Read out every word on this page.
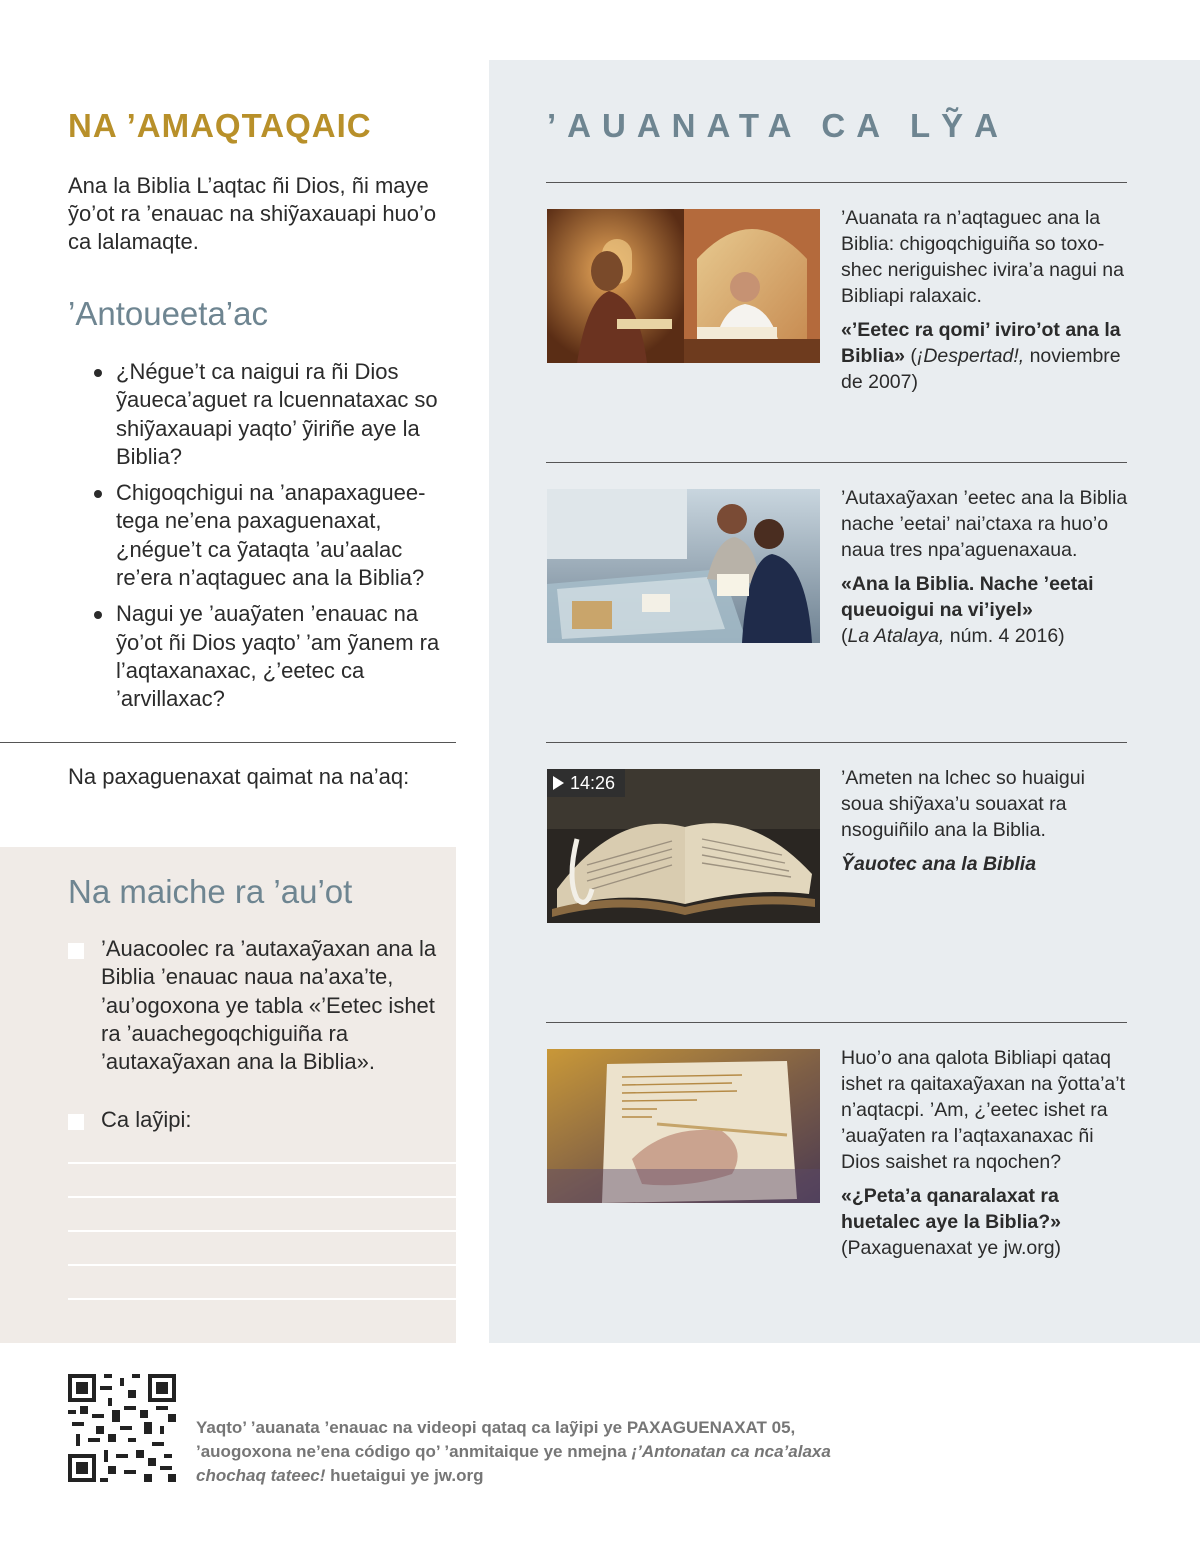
NA ’AMAQTAQAIC

Ana la Biblia L’aqtac ñi Dios, ñi maye ỹo’ot ra ’enauac na shiỹaxauapi huo’o ca lalamaqte.

’Antoueeta’ac
¿Négue’t ca naigui ra ñi Dios ỹaueca’aguet ra lcuennataxac so shiỹaxauapi yaqto’ ỹiriñe aye la Biblia?
Chigoqchigui na ’anapaxagueetega ne’ena paxaguenaxat, ¿négue’t ca ỹataqta ’au’aalac re’era n’aqtaguec ana la Biblia?
Nagui ye ’auaỹaten ’enauac na ỹo’ot ñi Dios yaqto’ ’am ỹanem ra l’aqtaxanaxac, ¿’eetec ca ’arvillaxac?
Na paxaguenaxat qaimat na na’aq:
Na maiche ra ’au’ot
’Auacoolec ra ’autaxaỹaxan ana la Biblia ’enauac naua na’axa’te, ’au’ogoxona ye tabla «’Eetec ishet ra ’auachegoqchiguiña ra ’autaxaỹaxan ana la Biblia».
Ca laỹipi:
’AUANATA CA LỸA
’Auanata ra n’aqtaguec ana la Biblia: chigoqchiguiña so toxoshec neriguishec ivira’a nagui na Bibliapi ralaxaic.
«’Eetec ra qomi’ iviro’ot ana la Biblia» (¡Despertad!, noviembre de 2007)
’Autaxaỹaxan ’eetec ana la Biblia nache ’eetai’ nai’ctaxa ra huo’o naua tres npa’aguenaxaua.
«Ana la Biblia. Nache ’eetai queuoigui na vi’iyel»
(La Atalaya, núm. 4 2016)
14:26	’Ameten na lchec so huaigui soua shiỹaxa’u souaxat ra nsoguiñilo ana la Biblia.
Ỹauotec ana la Biblia
Huo’o ana qalota Bibliapi qataq ishet ra qaitaxaỹaxan na ỹotta’a’t n’aqtacpi. ’Am, ¿’eetec ishet ra ’auaỹaten ra l’aqtaxanaxac ñi Dios saishet ra nqochen?
«¿Peta’a qanaralaxat ra huetalec aye la Biblia?»
(Paxaguenaxat ye jw.org)
Yaqto’ ’auanata ’enauac na videopi qataq ca laỹipi ye PAXAGUENAXAT 05, ’auogoxona ne’ena código qo’ ’anmitaique ye nmejna ¡’Antonatan ca nca’alaxa chochaq tateec! huetaigui ye jw.org
